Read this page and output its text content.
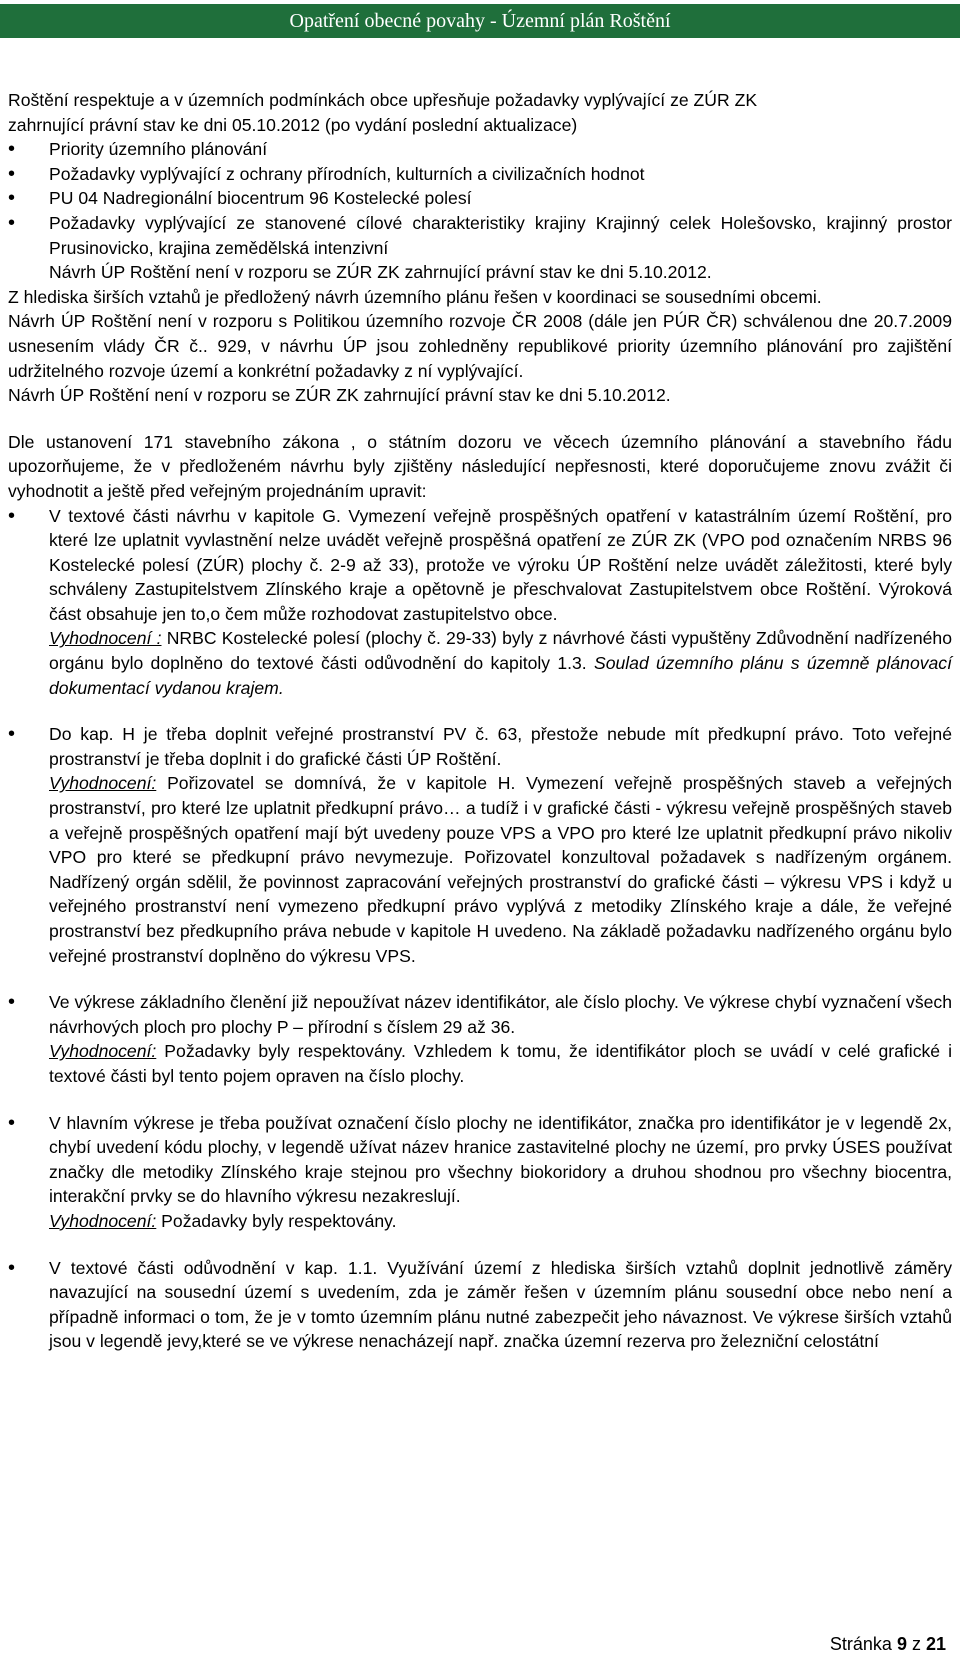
Opatření obecné povahy - Územní plán Roštění

Roštění respektuje a v územních podmínkách obce upřesňuje požadavky vyplývající ze ZÚR ZK
zahrnující právní stav ke dni 05.10.2012 (po vydání poslední aktualizace)

• Priority územního plánování
• Požadavky vyplývající z ochrany přírodních, kulturních a civilizačních hodnot
• PU 04 Nadregionální biocentrum 96 Kostelecké polesí
• Požadavky vyplývající ze stanovené cílové charakteristiky krajiny Krajinný celek Holešovsko, krajinný prostor Prusinovicko, krajina zemědělská intenzivní
Návrh ÚP Roštění není v rozporu se ZÚR ZK zahrnující právní stav ke dni 5.10.2012.

Z hlediska širších vztahů je předložený návrh územního plánu řešen v koordinaci se sousedními obcemi.

Návrh ÚP Roštění není v rozporu s Politikou územního rozvoje ČR 2008 (dále jen PÚR ČR) schválenou dne 20.7.2009 usnesením vlády ČR č.. 929, v návrhu ÚP jsou zohledněny republikové priority územního plánování pro zajištění udržitelného rozvoje území a konkrétní požadavky z ní vyplývající.

Návrh ÚP Roštění není v rozporu se ZÚR ZK zahrnující právní stav ke dni 5.10.2012.

Dle ustanovení 171 stavebního zákona , o státním dozoru ve věcech územního plánování a stavebního řádu upozorňujeme, že v předloženém návrhu byly zjištěny následující nepřesnosti, které doporučujeme znovu zvážit či vyhodnotit a ještě před veřejným projednáním upravit:

• V textové části návrhu v kapitole G. Vymezení veřejně prospěšných opatření v katastrálním území Roštění, pro které lze uplatnit vyvlastnění nelze uvádět veřejně prospěšná opatření ze ZÚR ZK (VPO pod označením NRBS 96 Kostelecké polesí (ZÚR) plochy č. 2-9 až 33), protože ve výroku ÚP Roštění nelze uvádět záležitosti, které byly schváleny Zastupitelstvem Zlínského kraje a opětovně je přeschvalovat Zastupitelstvem obce Roštění. Výroková část obsahuje jen to,o čem může rozhodovat zastupitelstvo obce.
Vyhodnocení : NRBC Kostelecké polesí (plochy č. 29-33) byly z návrhové části vypuštěny Zdůvodnění nadřízeného orgánu bylo doplněno do textové části odůvodnění do kapitoly 1.3. Soulad územního plánu s územně plánovací dokumentací vydanou krajem.
• Do kap. H je třeba doplnit veřejné prostranství PV č. 63, přestože nebude mít předkupní právo. Toto veřejné prostranství je třeba doplnit i do grafické části ÚP Roštění.
Vyhodnocení: Pořizovatel se domnívá, že v kapitole H. Vymezení veřejně prospěšných staveb a veřejných prostranství, pro které lze uplatnit předkupní právo… a tudíž i v grafické části - výkresu veřejně prospěšných staveb a veřejně prospěšných opatření mají být uvedeny pouze VPS a VPO pro které lze uplatnit předkupní právo nikoliv VPO pro které se předkupní právo nevymezuje. Pořizovatel konzultoval požadavek s nadřízeným orgánem. Nadřízený orgán sdělil, že povinnost zapracování veřejných prostranství do grafické části – výkresu VPS i když u veřejného prostranství není vymezeno předkupní právo vyplývá z metodiky Zlínského kraje a dále, že veřejné prostranství bez předkupního práva nebude v kapitole H uvedeno. Na základě požadavku nadřízeného orgánu bylo veřejné prostranství doplněno do výkresu VPS.
• Ve výkrese základního členění již nepoužívat název identifikátor, ale číslo plochy. Ve výkrese chybí vyznačení všech návrhových ploch pro plochy P – přírodní s číslem 29 až 36.
Vyhodnocení: Požadavky byly respektovány. Vzhledem k tomu, že identifikátor ploch se uvádí v celé grafické i textové části byl tento pojem opraven na číslo plochy.
• V hlavním výkrese je třeba používat označení číslo plochy ne identifikátor, značka pro identifikátor je v legendě 2x, chybí uvedení kódu plochy, v legendě užívat název hranice zastavitelné plochy ne území, pro prvky ÚSES používat značky dle metodiky Zlínského kraje stejnou pro všechny biokoridory a druhou shodnou pro všechny biocentra, interakční prvky se do hlavního výkresu nezakreslují.
Vyhodnocení: Požadavky byly respektovány.
• V textové části odůvodnění v kap. 1.1. Využívání území z hlediska širších vztahů doplnit jednotlivě záměry navazující na sousední území s uvedením, zda je záměr řešen v územním plánu sousední obce nebo není a případně informaci o tom, že je v tomto územním plánu nutné zabezpečit jeho návaznost. Ve výkrese širších vztahů jsou v legendě jevy,které se ve výkrese nenacházejí např. značka územní rezerva pro železniční celostátní
Stránka 9 z 21
